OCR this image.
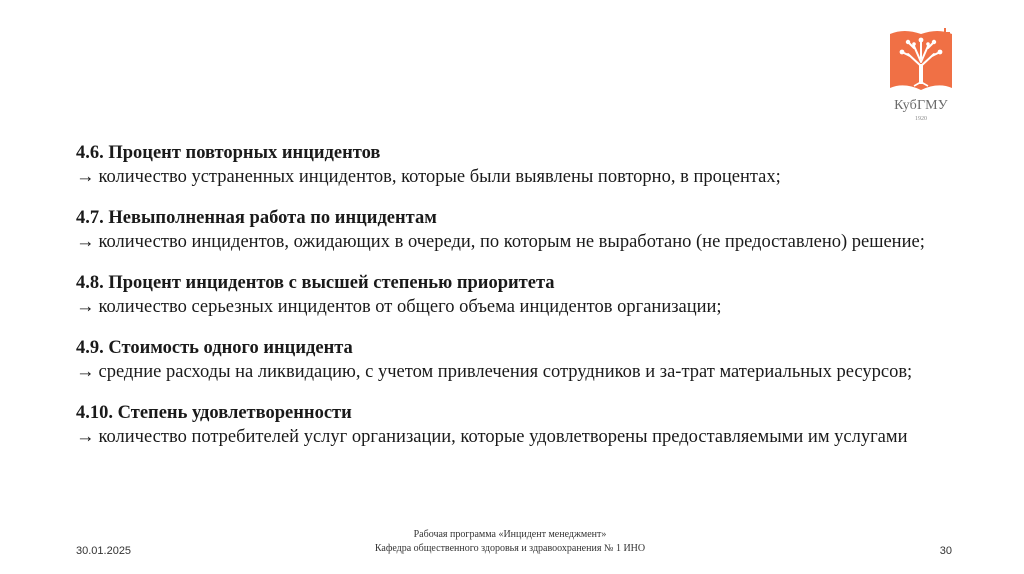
КубГМУ
1920
4.6. Процент повторных инцидентов
→ количество устраненных инцидентов, которые были выявлены повторно, в процентах;
4.7. Невыполненная работа по инцидентам
→ количество инцидентов, ожидающих в очереди, по которым не выработано (не предоставлено) решение;
4.8. Процент инцидентов с высшей степенью приоритета
→ количество серьезных инцидентов от общего объема инцидентов организации;
4.9. Стоимость одного инцидента
→ средние расходы на ликвидацию, с учетом привлечения сотрудников и за-трат материальных ресурсов;
4.10. Степень удовлетворенности
→ количество потребителей услуг организации, которые удовлетворены предоставляемыми им услугами
30.01.2025
Рабочая программа «Инцидент менеджмент»
Кафедра общественного здоровья и здравоохранения № 1 ИНО	30
